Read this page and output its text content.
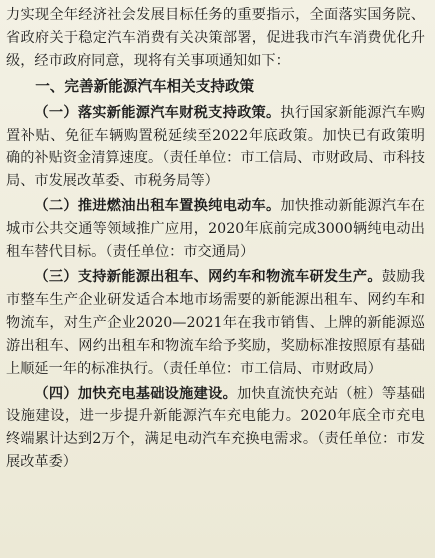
力实现全年经济社会发展目标任务的重要指示，全面落实国务院、省政府关于稳定汽车消费有关决策部署，促进我市汽车消费优化升级，经市政府同意，现将有关事项通知如下：

一、完善新能源汽车相关支持政策

（一）落实新能源汽车财税支持政策。执行国家新能源汽车购置补贴、免征车辆购置税延续至2022年底政策。加快已有政策明确的补贴资金清算速度。（责任单位：市工信局、市财政局、市科技局、市发展改革委、市税务局等）

（二）推进燃油出租车置换纯电动车。加快推动新能源汽车在城市公共交通等领域推广应用，2020年底前完成3000辆纯电动出租车替代目标。（责任单位：市交通局）

（三）支持新能源出租车、网约车和物流车研发生产。鼓励我市整车生产企业研发适合本地市场需要的新能源出租车、网约车和物流车，对生产企业2020—2021年在我市销售、上牌的新能源巡游出租车、网约出租车和物流车给予奖励，奖励标准按照原有基础上顺延一年的标准执行。（责任单位：市工信局、市财政局）

（四）加快充电基础设施建设。加快直流快充站（桩）等基础设施建设，进一步提升新能源汽车充电能力。2020年底全市充电终端累计达到2万个，满足电动汽车充换电需求。（责任单位：市发展改革委）
